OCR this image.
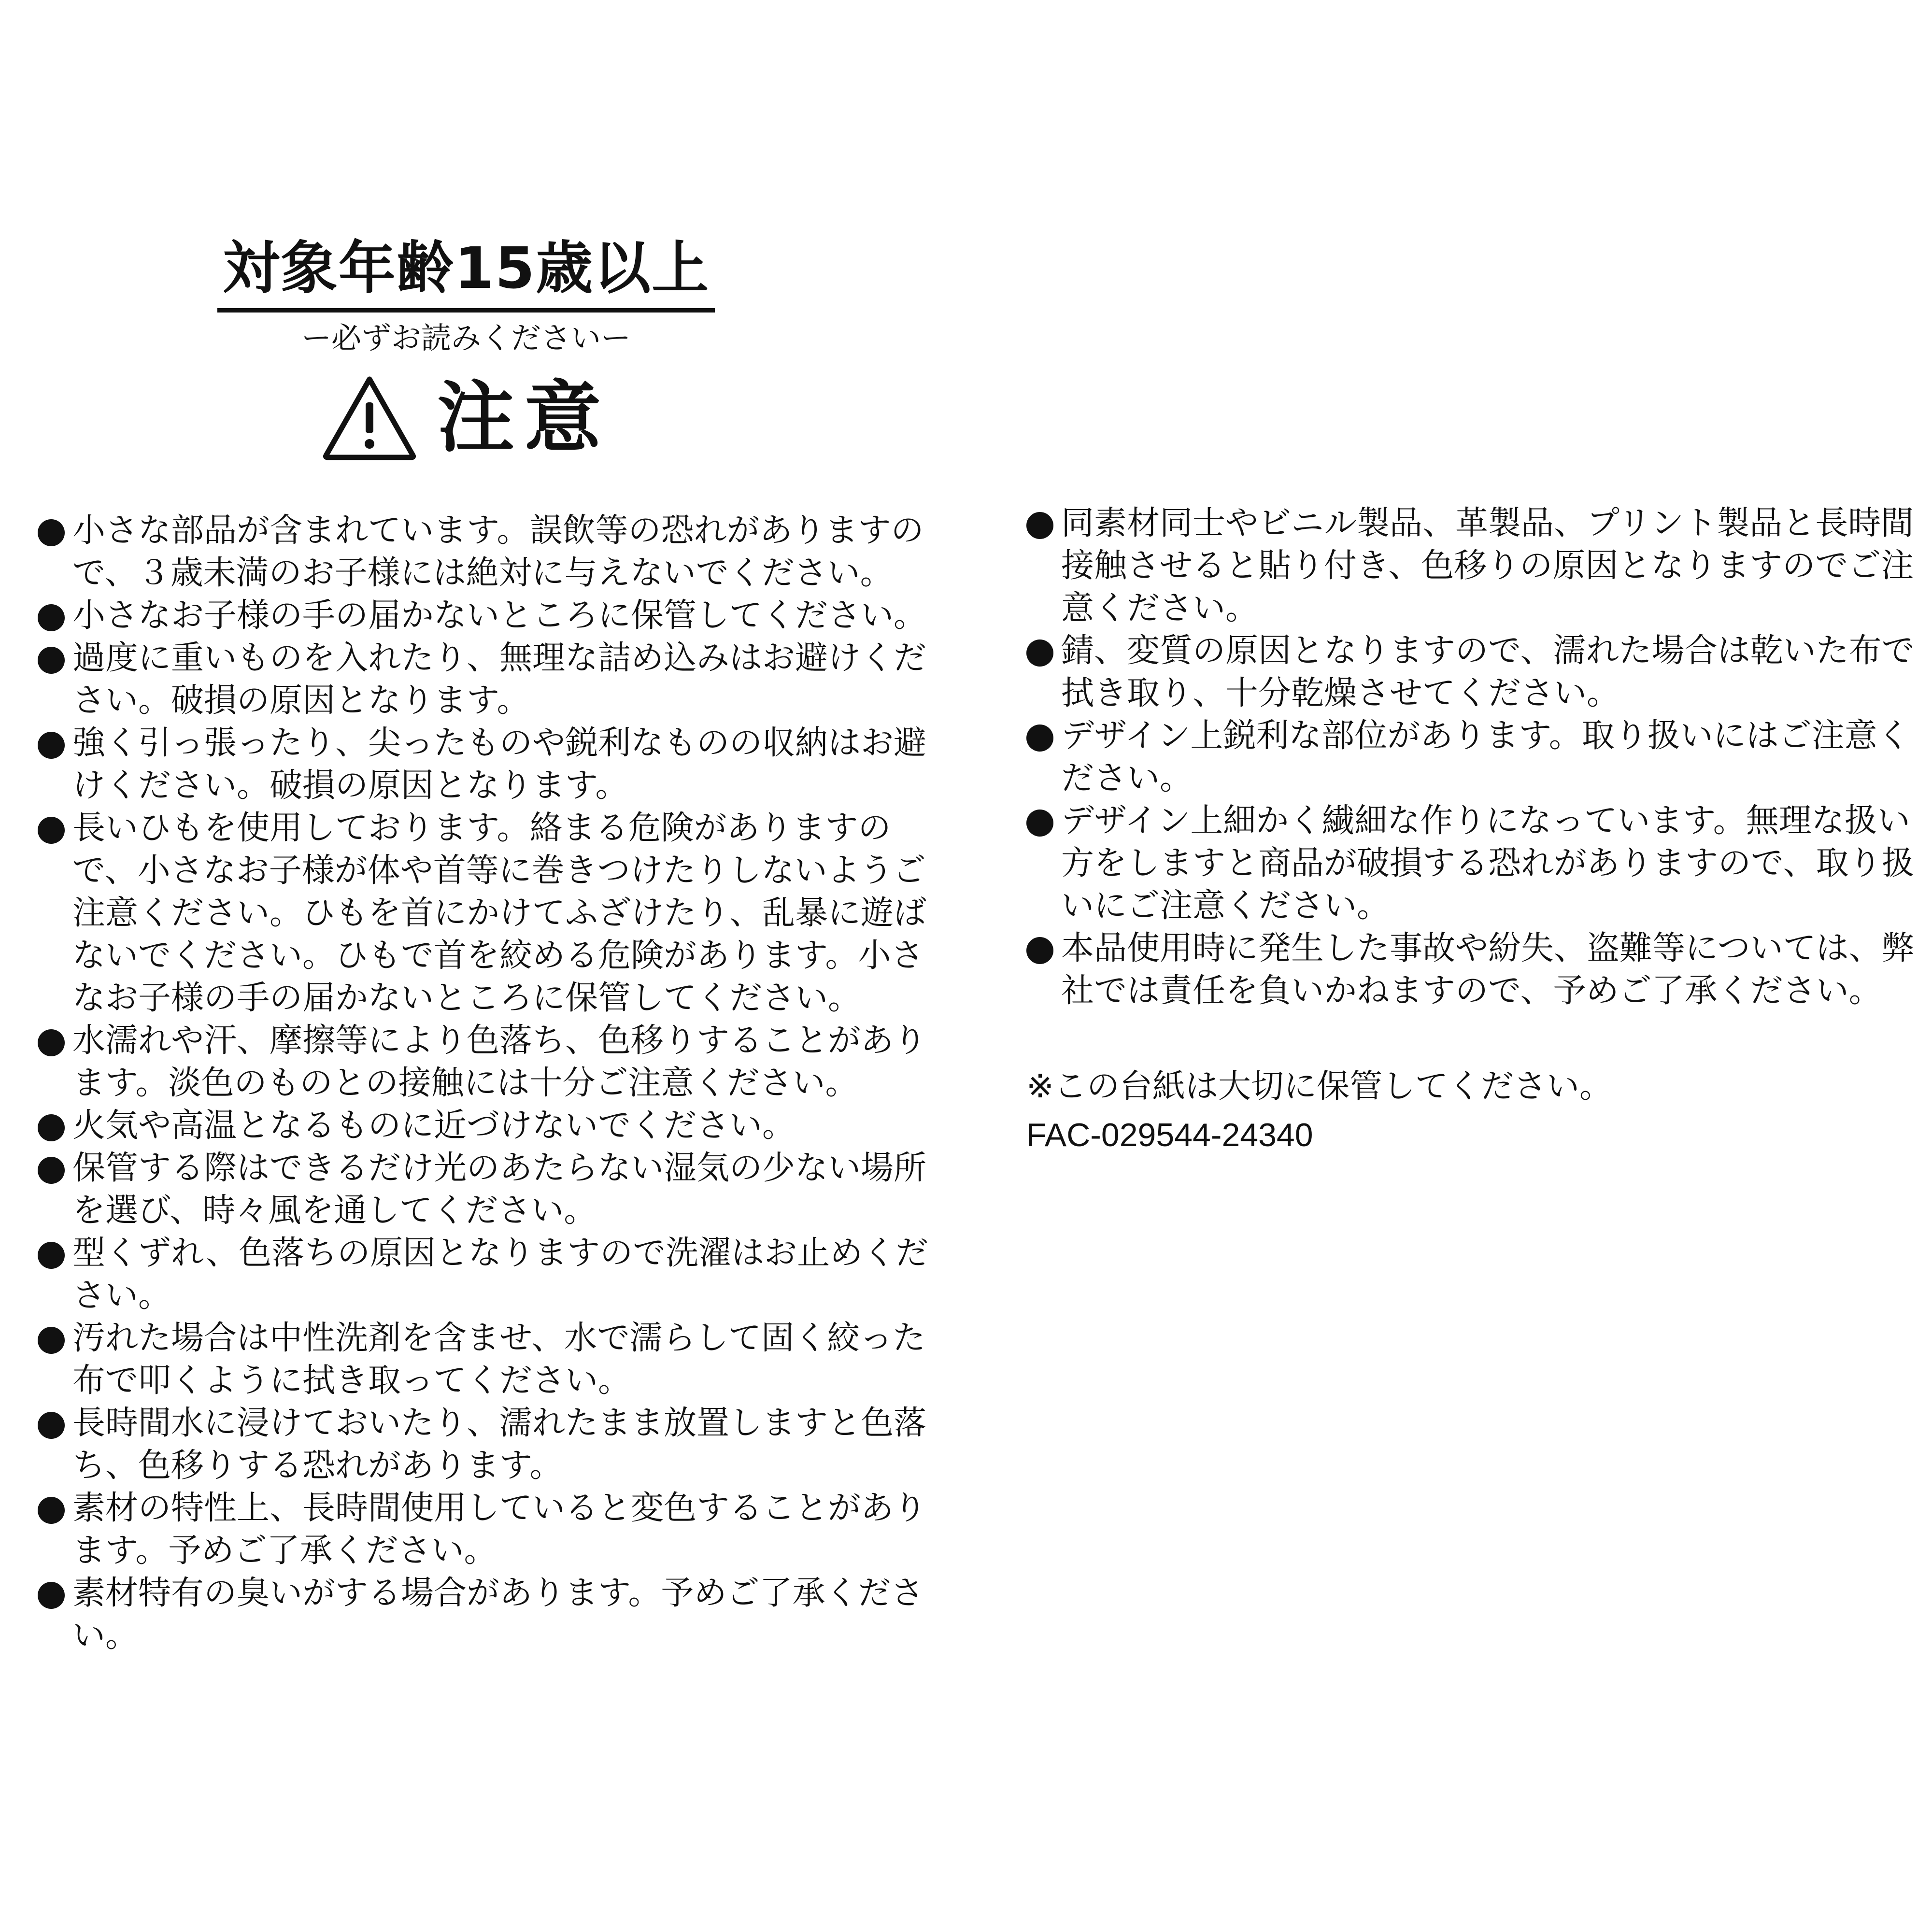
対象年齢15歳以上
ー必ずお読みくださいー
注意
小さな部品が含まれています。誤飲等の恐れがありますので、３歳未満のお子様には絶対に与えないでください。
小さなお子様の手の届かないところに保管してください。
過度に重いものを入れたり、無理な詰め込みはお避けください。破損の原因となります。
強く引っ張ったり、尖ったものや鋭利なものの収納はお避けください。破損の原因となります。
長いひもを使用しております。絡まる危険がありますので、小さなお子様が体や首等に巻きつけたりしないようご注意ください。ひもを首にかけてふざけたり、乱暴に遊ばないでください。ひもで首を絞める危険があります。小さなお子様の手の届かないところに保管してください。
水濡れや汗、摩擦等により色落ち、色移りすることがあります。淡色のものとの接触には十分ご注意ください。
火気や高温となるものに近づけないでください。
保管する際はできるだけ光のあたらない湿気の少ない場所を選び、時々風を通してください。
型くずれ、色落ちの原因となりますので洗濯はお止めください。
汚れた場合は中性洗剤を含ませ、水で濡らして固く絞った布で叩くように拭き取ってください。
長時間水に浸けておいたり、濡れたまま放置しますと色落ち、色移りする恐れがあります。
素材の特性上、長時間使用していると変色することがあります。予めご了承ください。
素材特有の臭いがする場合があります。予めご了承ください。
同素材同士やビニル製品、革製品、プリント製品と長時間接触させると貼り付き、色移りの原因となりますのでご注意ください。
錆、変質の原因となりますので、濡れた場合は乾いた布で拭き取り、十分乾燥させてください。
デザイン上鋭利な部位があります。取り扱いにはご注意ください。
デザイン上細かく繊細な作りになっています。無理な扱い方をしますと商品が破損する恐れがありますので、取り扱いにご注意ください。
本品使用時に発生した事故や紛失、盗難等については、弊社では責任を負いかねますので、予めご了承ください。
※この台紙は大切に保管してください。
FAC-029544-24340
